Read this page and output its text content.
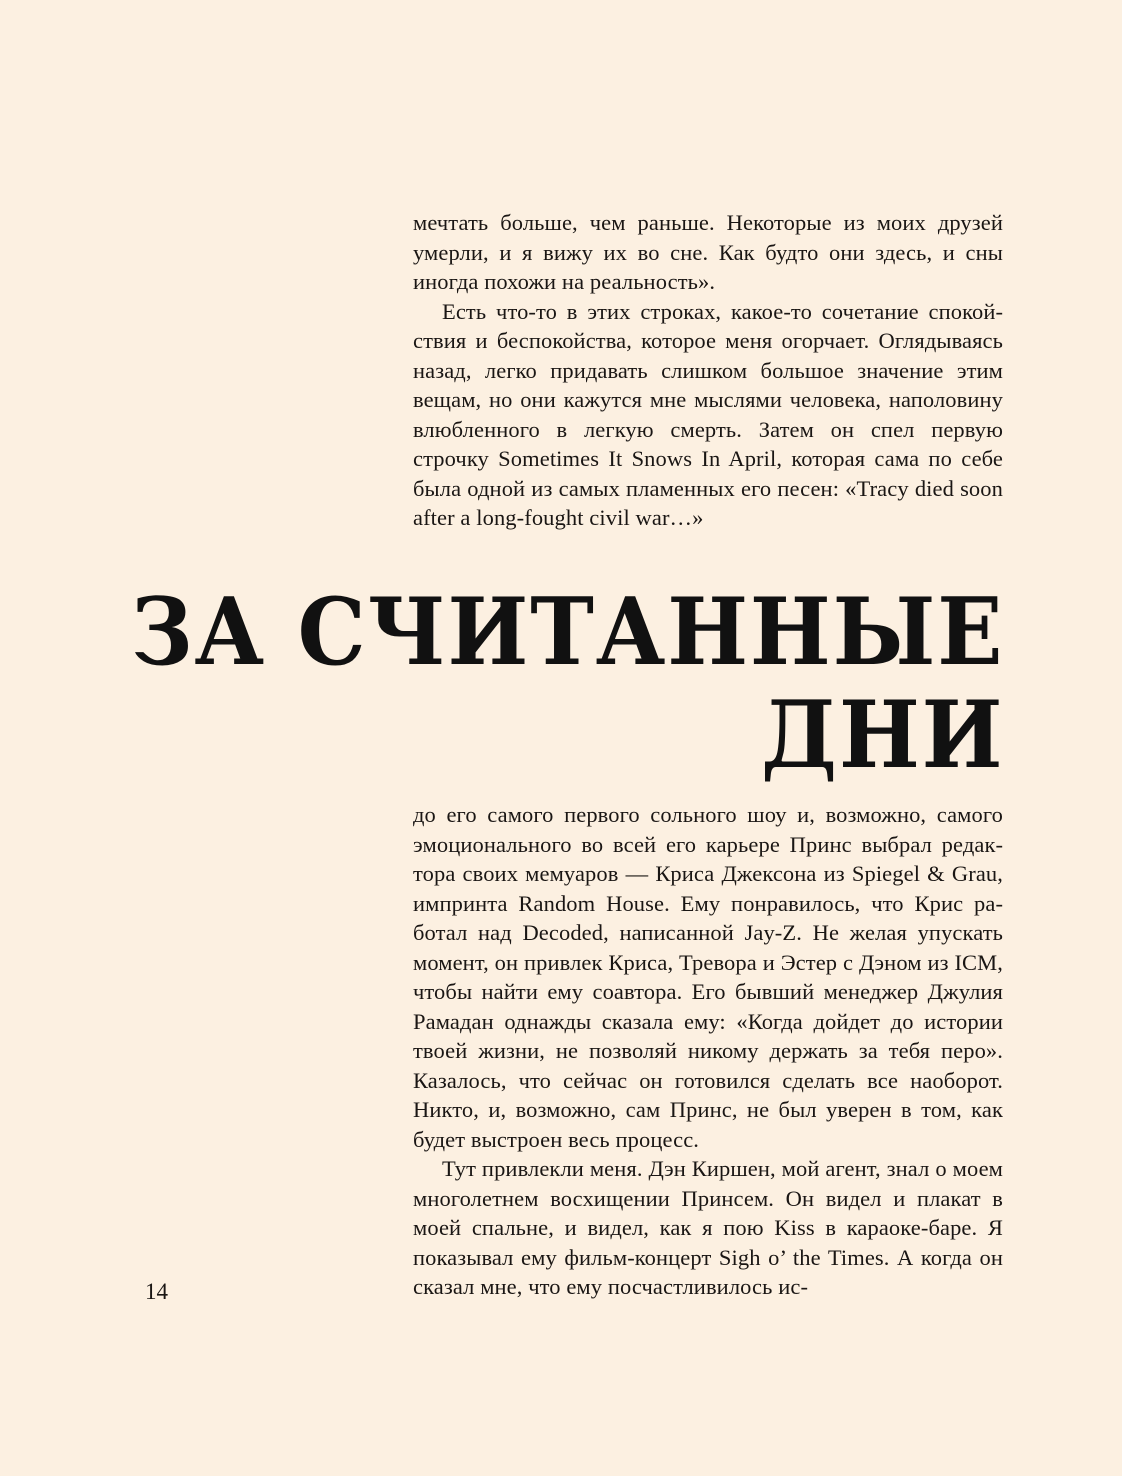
мечтать больше, чем раньше. Некоторые из моих друзей умерли, и я вижу их во сне. Как будто они здесь, и сны иногда похожи на реальность».

Есть что-то в этих строках, какое-то сочетание спокойствия и беспокойства, которое меня огорчает. Оглядываясь назад, легко придавать слишком большое значение этим вещам, но они кажутся мне мыслями человека, наполовину влюбленного в легкую смерть. Затем он спел первую строчку Sometimes It Snows In April, которая сама по себе была одной из самых пламенных его песен: «Tracy died soon after a long-fought civil war…»

ЗА СЧИТАННЫЕ
ДНИ

до его самого первого сольного шоу и, возможно, самого эмоционального во всей его карьере Принс выбрал редактора своих мемуаров — Криса Джексона из Spiegel & Grau, импринта Random House. Ему понравилось, что Крис работал над Decoded, написанной Jay-Z. Не желая упускать момент, он привлек Криса, Тревора и Эстер с Дэном из ICM, чтобы найти ему соавтора. Его бывший менеджер Джулия Рамадан однажды сказала ему: «Когда дойдет до истории твоей жизни, не позволяй никому держать за тебя перо». Казалось, что сейчас он готовился сделать все наоборот. Никто, и, возможно, сам Принс, не был уверен в том, как будет выстроен весь процесс.

Тут привлекли меня. Дэн Киршен, мой агент, знал о моем многолетнем восхищении Принсем. Он видел и плакат в моей спальне, и видел, как я пою Kiss в караоке-баре. Я показывал ему фильм-концерт Sigh o’ the Times. А когда он сказал мне, что ему посчастливилось ис-

14
